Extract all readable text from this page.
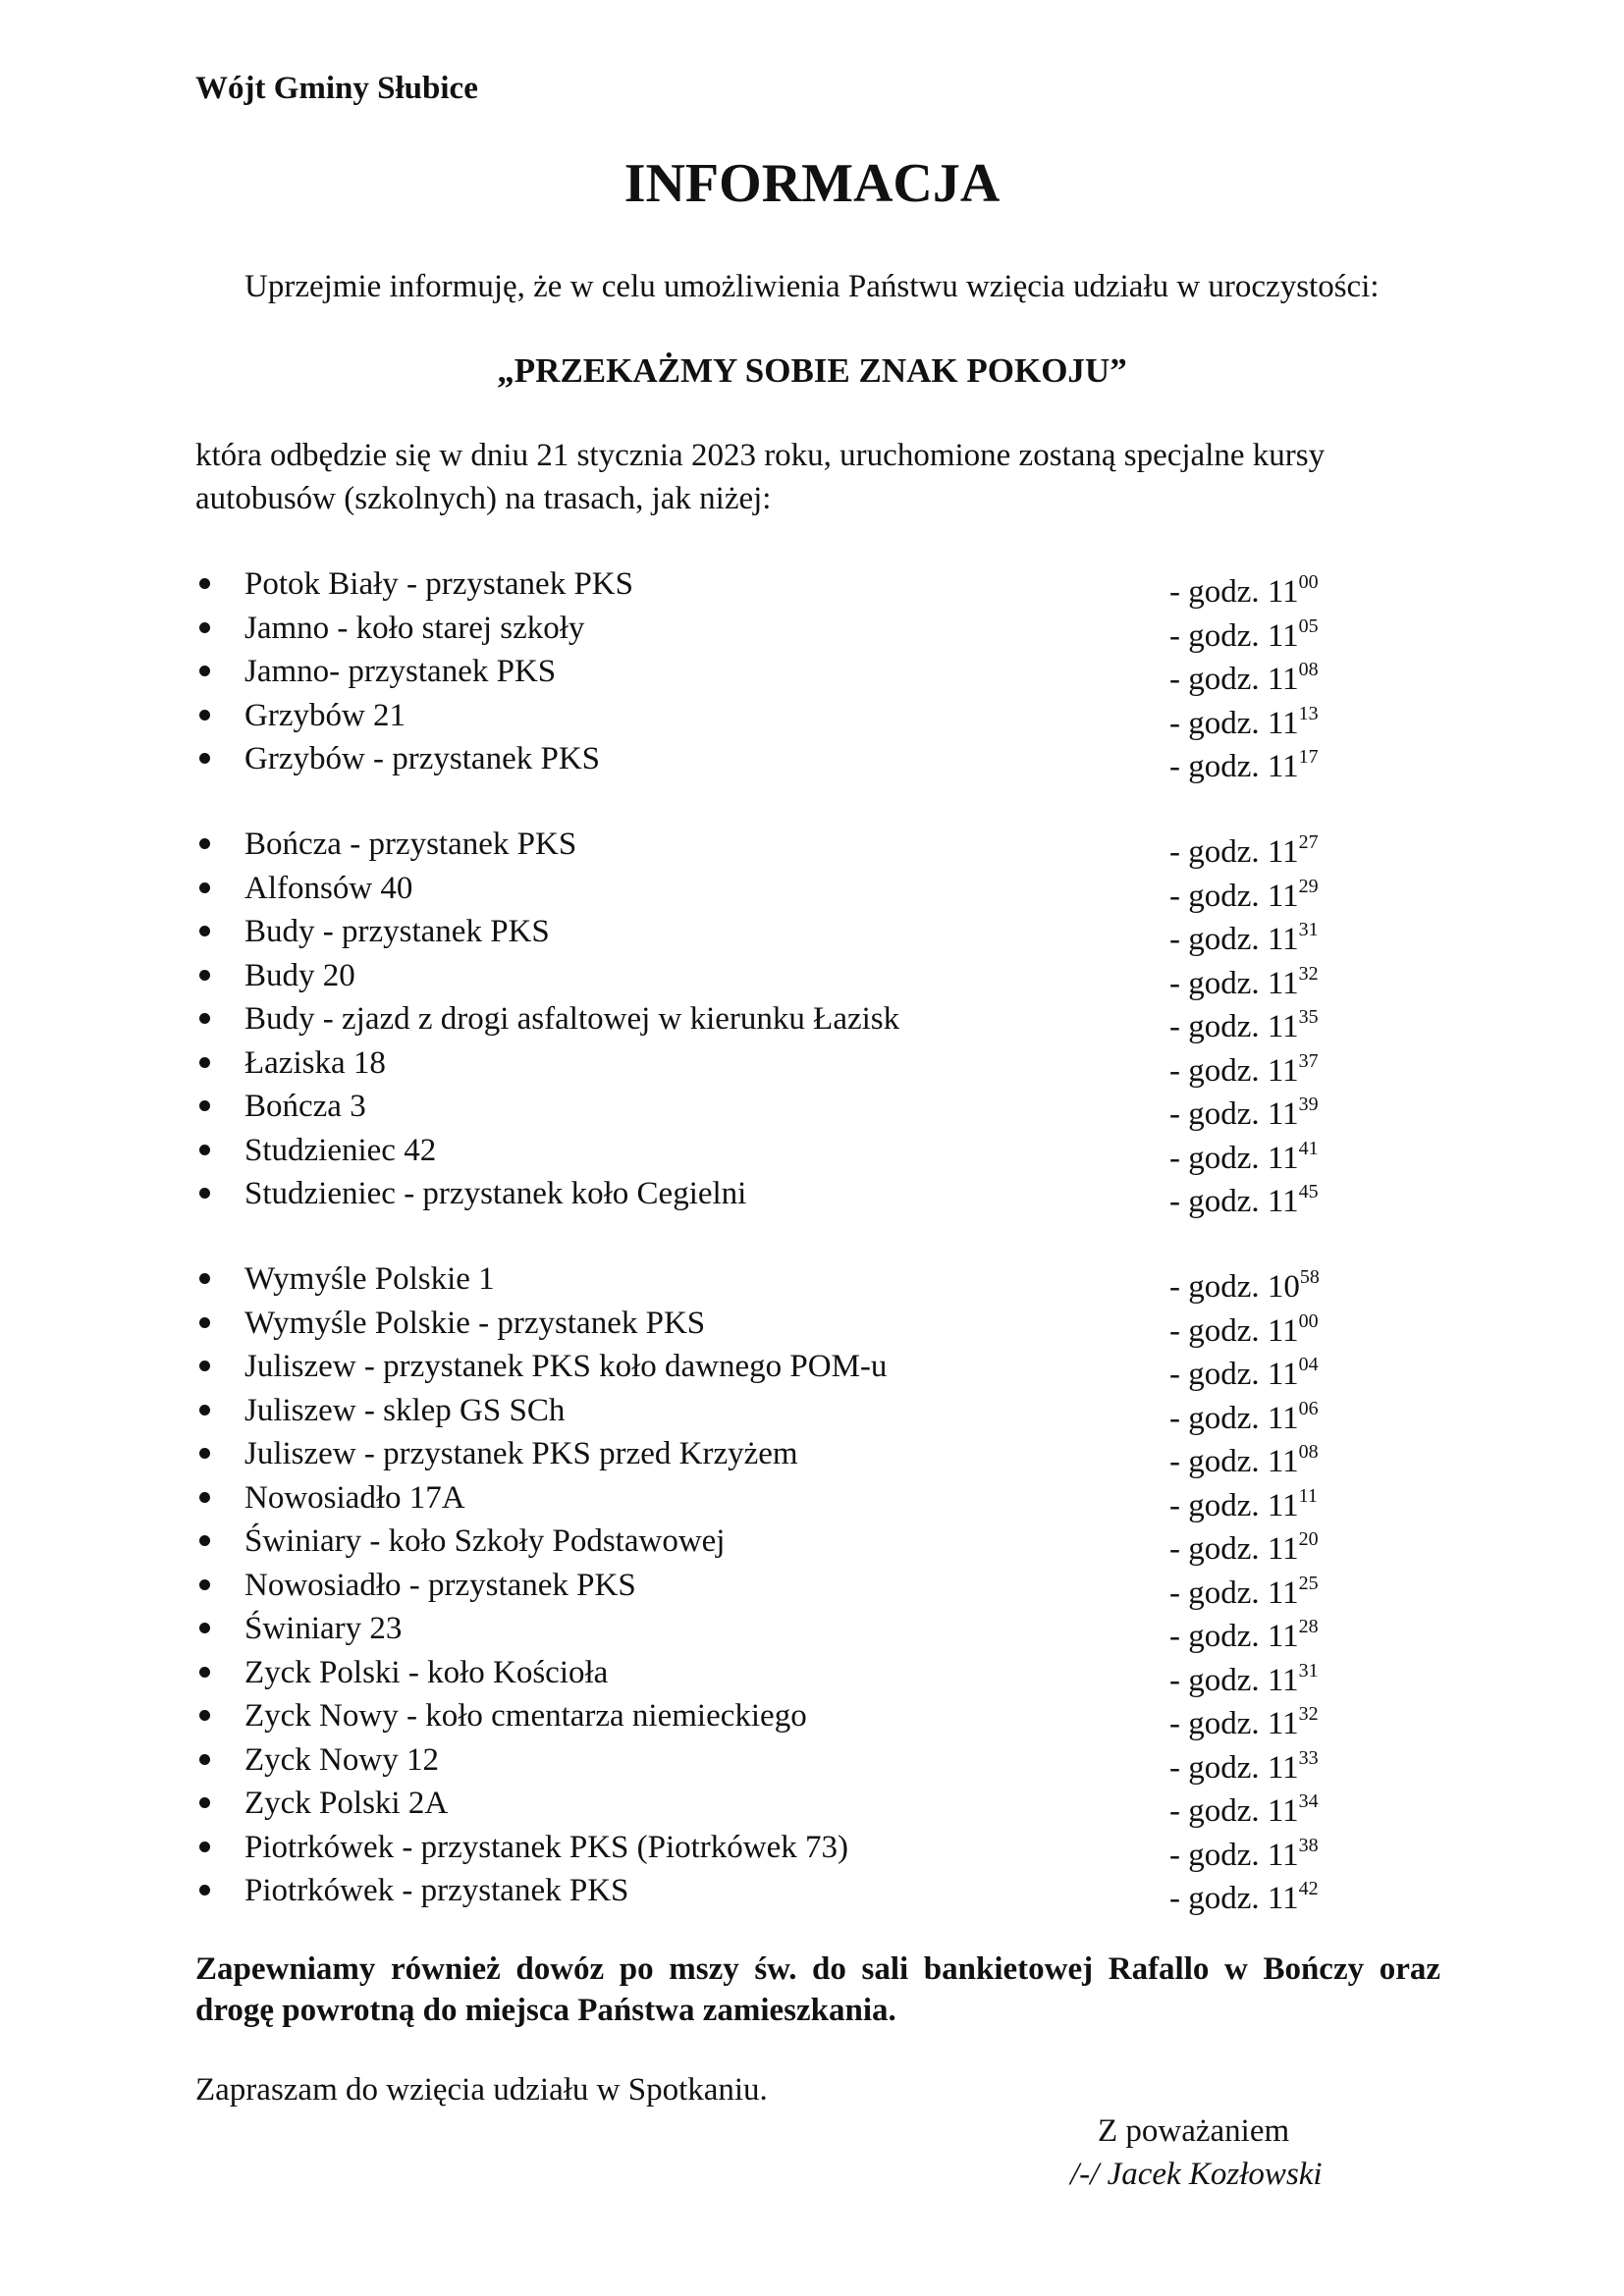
Wójt Gminy Słubice
INFORMACJA
Uprzejmie informuję, że w celu umożliwienia Państwu wzięcia udziału w uroczystości:
„PRZEKAŻMY SOBIE ZNAK POKOJU”
która odbędzie się w dniu 21 stycznia 2023 roku, uruchomione zostaną specjalne kursy autobusów (szkolnych) na trasach, jak niżej:
Potok Biały - przystanek PKS	- godz. $11^{00}$
Jamno - koło starej szkoły	- godz. $11^{05}$
Jamno- przystanek PKS	- godz. $11^{08}$
Grzybów 21	- godz. $11^{13}$
Grzybów - przystanek PKS	- godz. $11^{17}$
Bończa - przystanek PKS	- godz. $11^{27}$
Alfonsów 40	- godz. $11^{29}$
Budy - przystanek PKS	- godz. $11^{31}$
Budy 20	- godz. $11^{32}$
Budy - zjazd z drogi asfaltowej w kierunku Łazisk	- godz. $11^{35}$
Łaziska 18	- godz. $11^{37}$
Bończa 3	- godz. $11^{39}$
Studzieniec 42	- godz. $11^{41}$
Studzieniec - przystanek koło Cegielni	- godz. $11^{45}$
Wymyśle Polskie 1	- godz. $10^{58}$
Wymyśle Polskie - przystanek PKS	- godz. $11^{00}$
Juliszew - przystanek PKS koło dawnego POM-u	- godz. $11^{04}$
Juliszew - sklep GS SCh	- godz. $11^{06}$
Juliszew - przystanek PKS przed Krzyżem	- godz. $11^{08}$
Nowosiadło 17A	- godz. $11^{11}$
Świniary - koło Szkoły Podstawowej	- godz. $11^{20}$
Nowosiadło - przystanek PKS	- godz. $11^{25}$
Świniary 23	- godz. $11^{28}$
Zyck Polski - koło Kościoła	- godz. $11^{31}$
Zyck Nowy - koło cmentarza niemieckiego	- godz. $11^{32}$
Zyck Nowy 12	- godz. $11^{33}$
Zyck Polski 2A	- godz. $11^{34}$
Piotrkówek - przystanek PKS (Piotrkówek 73)	- godz. $11^{38}$
Piotrkówek - przystanek PKS	- godz. $11^{42}$
Zapewniamy również dowóz po mszy św. do sali bankietowej Rafallo w Bończy oraz drogę powrotną do miejsca Państwa zamieszkania.
Zapraszam do wzięcia udziału w Spotkaniu.
Z poważaniem
/-/ Jacek Kozłowski
